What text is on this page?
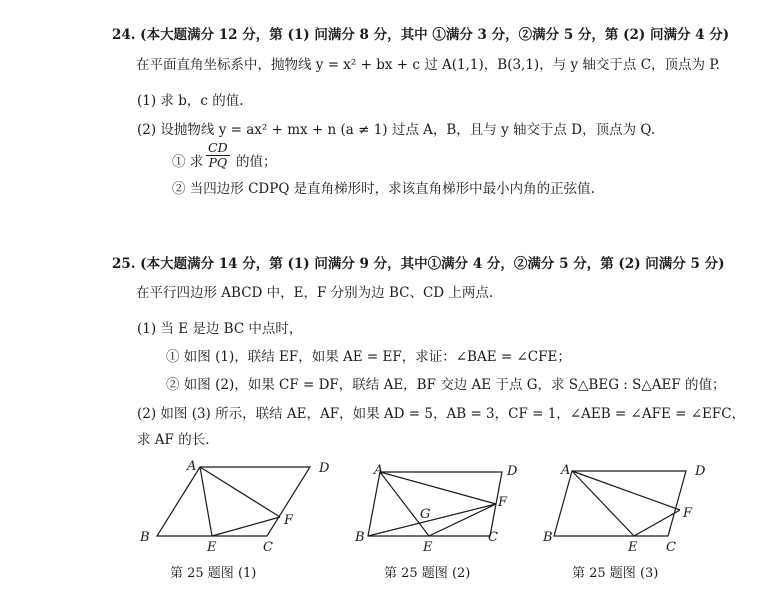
24. (本大题满分 12 分，第 (1) 问满分 8 分，其中 ①满分 3 分，②满分 5 分，第 (2) 问满分 4 分)
在平面直角坐标系中，抛物线 y = x² + bx + c 过 A(1,1)，B(3,1)，与 y 轴交于点 C，顶点为 P.
(1) 求 b，c 的值.
(2) 设抛物线 y = ax² + mx + n (a ≠ 1) 过点 A，B，且与 y 轴交于点 D，顶点为 Q.
① 求 $\frac{CD}{PQ}$ 的值；
② 当四边形 CDPQ 是直角梯形时，求该直角梯形中最小内角的正弦值.
25. (本大题满分 14 分，第 (1) 问满分 9 分，其中①满分 4 分，②满分 5 分，第 (2) 问满分 5 分)
在平行四边形 ABCD 中，E，F 分别为边 BC、CD 上两点.
(1) 当 E 是边 BC 中点时，
① 如图 (1)，联结 EF，如果 AE = EF，求证：∠BAE = ∠CFE；
② 如图 (2)，如果 CF = DF，联结 AE，BF 交边 AE 于点 G，求 S△BEG : S△AEF 的值；
(2) 如图 (3) 所示，联结 AE，AF，如果 AD = 5，AB = 3，CF = 1，∠AEB = ∠AFE = ∠EFC，
求 AF 的长.
A	D
B
C
E
F
第 25 题图 (1)
A	D
B	C
E
F
G
第 25 题图 (2)
A	D
B
C
E
F
第 25 题图 (3)
